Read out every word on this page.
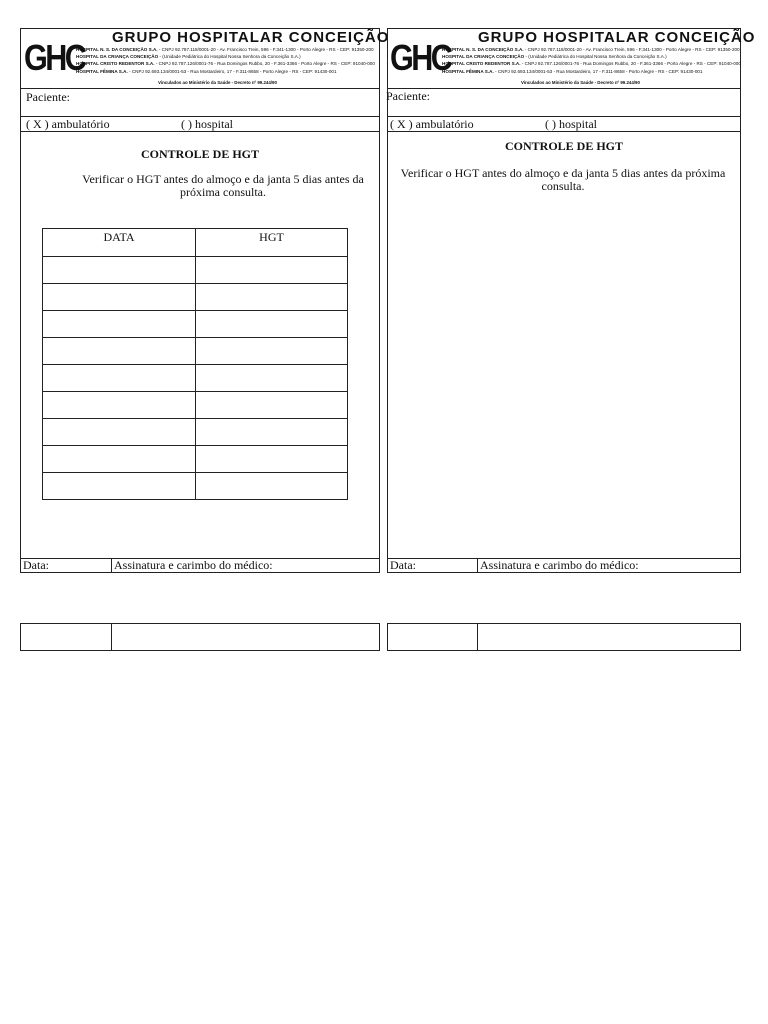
GHC GRUPO HOSPITALAR CONCEIÇÃO
HOSPITAL N. S. DA CONCEIÇÃO S.A. - CNPJ 92.787.118/0001-20 - Av. Francisco Trein, 596 - F.341-1300 - Porto Alegre - RS - CEP: 91350-200
HOSPITAL DA CRIANÇA CONCEIÇÃO - (Unidade Pediátrica do Hospital Nossa Senhora da Conceição S.A.)
HOSPITAL CRISTO REDENTOR S.A. - CNPJ 92.787.126/0001-76 - Rua Domingos Rubbo, 20 - F.361-3366 - Porto Alegre - RS - CEP: 91040-000
HOSPITAL FÊMINA S.A. - CNPJ 92.693.134/0001-53 - Rua Mostardeiro, 17 - F.311-8658 - Porto Alegre - RS - CEP: 91430-001
Vinculados ao Ministério da Saúde - Decreto nº 99.244/90
Paciente:
( X ) ambulatório	( ) hospital
CONTROLE DE HGT
Verificar o HGT antes do almoço e da janta 5 dias antes da próxima consulta.
DATA	HGT

Data:	Assinatura e carimbo do médico:
GHC GRUPO HOSPITALAR CONCEIÇÃO
HOSPITAL N. S. DA CONCEIÇÃO S.A. - CNPJ 92.787.118/0001-20 - Av. Francisco Trein, 596 - F.341-1300 - Porto Alegre - RS - CEP: 91350-200
HOSPITAL DA CRIANÇA CONCEIÇÃO - (Unidade Pediátrica do Hospital Nossa Senhora da Conceição S.A.)
HOSPITAL CRISTO REDENTOR S.A. - CNPJ 92.787.126/0001-76 - Rua Domingos Rubbo, 20 - F.361-3366 - Porto Alegre - RS - CEP: 91040-000
HOSPITAL FÊMINA S.A. - CNPJ 92.693.134/0001-53 - Rua Mostardeiro, 17 - F.311-8658 - Porto Alegre - RS - CEP: 91430-001
Vinculados ao Ministério da Saúde - Decreto nº 99.244/90
Paciente:
( X ) ambulatório	( ) hospital
CONTROLE DE HGT
Verificar o HGT antes do almoço e da janta 5 dias antes da próxima consulta.
Data:	Assinatura e carimbo do médico:
